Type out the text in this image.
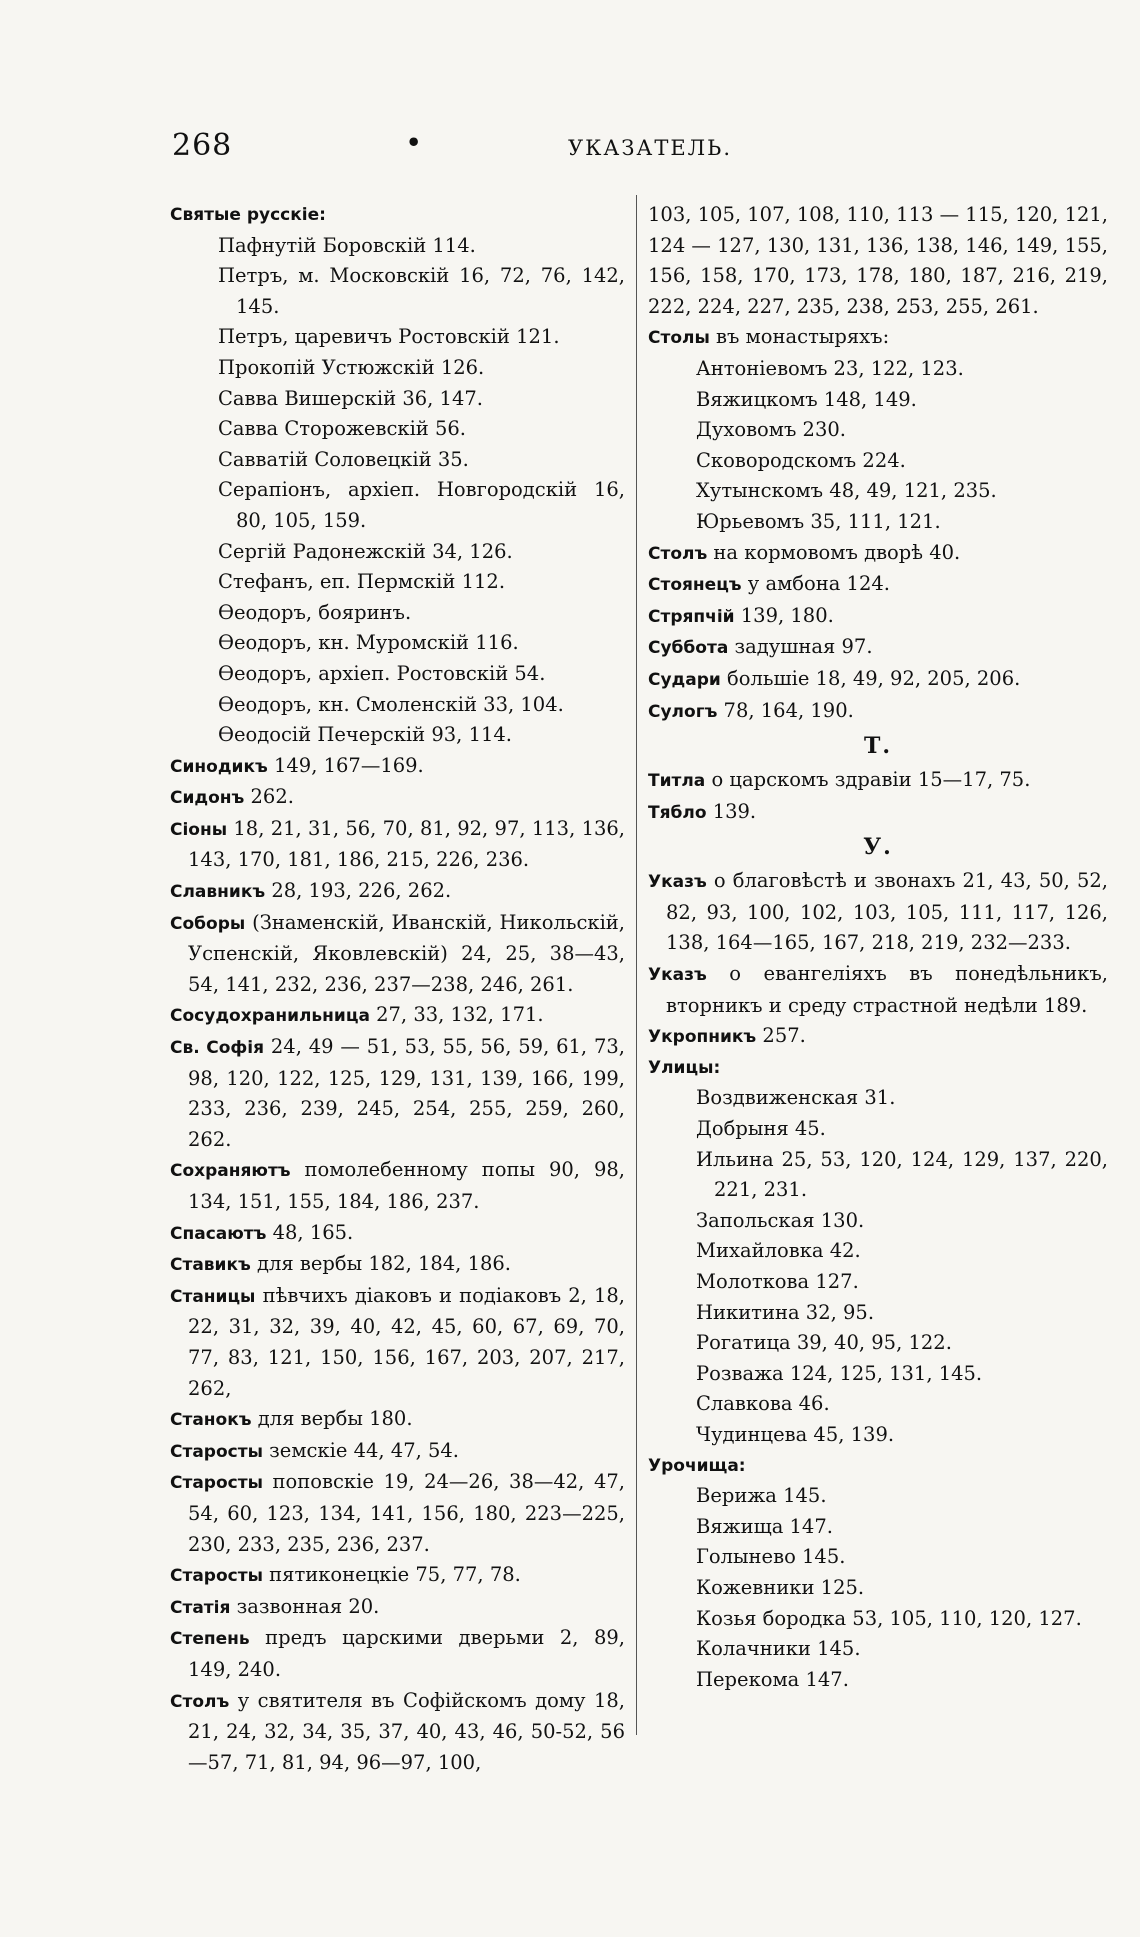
268	•	УКАЗАТЕЛЬ.
Святые русскіе:
Пафнутій Боровскій 114.
Петръ, м. Московскій 16, 72, 76, 142, 145.
Петръ, царевичъ Ростовскій 121.
Прокопій Устюжскій 126.
Савва Вишерскій 36, 147.
Савва Сторожевскій 56.
Савватій Соловецкій 35.
Серапіонъ, архіеп. Новгородскій 16, 80, 105, 159.
Сергій Радонежскій 34, 126.
Стефанъ, еп. Пермскій 112.
Ѳеодоръ, бояринъ.
Ѳеодоръ, кн. Муромскій 116.
Ѳеодоръ, архіеп. Ростовскій 54.
Ѳеодоръ, кн. Смоленскій 33, 104.
Ѳеодосій Печерскій 93, 114.
Синодикъ 149, 167—169.
Сидонъ 262.
Сіоны 18, 21, 31, 56, 70, 81, 92, 97, 113, 136, 143, 170, 181, 186, 215, 226, 236.
Славникъ 28, 193, 226, 262.
Соборы (Знаменскій, Иванскій, Никольскій, Успенскій, Яковлевскій) 24, 25, 38—43, 54, 141, 232, 236, 237—238, 246, 261.
Сосудохранильница 27, 33, 132, 171.
Св. Софія 24, 49 — 51, 53, 55, 56, 59, 61, 73, 98, 120, 122, 125, 129, 131, 139, 166, 199, 233, 236, 239, 245, 254, 255, 259, 260, 262.
Сохраняютъ помолебенному попы 90, 98, 134, 151, 155, 184, 186, 237.
Спасаютъ 48, 165.
Ставикъ для вербы 182, 184, 186.
Станицы пѣвчихъ діаковъ и подіаковъ 2, 18, 22, 31, 32, 39, 40, 42, 45, 60, 67, 69, 70, 77, 83, 121, 150, 156, 167, 203, 207, 217, 262,
Станокъ для вербы 180.
Старосты земскіе 44, 47, 54.
Старосты поповскіе 19, 24—26, 38—42, 47, 54, 60, 123, 134, 141, 156, 180, 223—225, 230, 233, 235, 236, 237.
Старосты пятиконецкіе 75, 77, 78.
Статія зазвонная 20.
Степень предъ царскими дверьми 2, 89, 149, 240.
Столъ у святителя въ Софійскомъ дому 18, 21, 24, 32, 34, 35, 37, 40, 43, 46, 50-52, 56—57, 71, 81, 94, 96—97, 100,
103, 105, 107, 108, 110, 113 — 115, 120, 121, 124 — 127, 130, 131, 136, 138, 146, 149, 155, 156, 158, 170, 173, 178, 180, 187, 216, 219, 222, 224, 227, 235, 238, 253, 255, 261.
Столы въ монастыряхъ:
Антоніевомъ 23, 122, 123.
Вяжицкомъ 148, 149.
Духовомъ 230.
Сковородскомъ 224.
Хутынскомъ 48, 49, 121, 235.
Юрьевомъ 35, 111, 121.
Столъ на кормовомъ дворѣ 40.
Стоянецъ у амбона 124.
Стряпчій 139, 180.
Суббота задушная 97.
Судари большіе 18, 49, 92, 205, 206.
Сулогъ 78, 164, 190.
Т.
Титла о царскомъ здравіи 15—17, 75.
Тябло 139.
У.
Указъ о благовѣстѣ и звонахъ 21, 43, 50, 52, 82, 93, 100, 102, 103, 105, 111, 117, 126, 138, 164—165, 167, 218, 219, 232—233.
Указъ о евангеліяхъ въ понедѣльникъ, вторникъ и среду страстной недѣли 189.
Укропникъ 257.
Улицы:
Воздвиженская 31.
Добрыня 45.
Ильина 25, 53, 120, 124, 129, 137, 220, 221, 231.
Запольская 130.
Михайловка 42.
Молоткова 127.
Никитина 32, 95.
Рогатица 39, 40, 95, 122.
Розважа 124, 125, 131, 145.
Славкова 46.
Чудинцева 45, 139.
Урочища:
Верижа 145.
Вяжища 147.
Голынево 145.
Кожевники 125.
Козья бородка 53, 105, 110, 120, 127.
Колачники 145.
Перекома 147.
